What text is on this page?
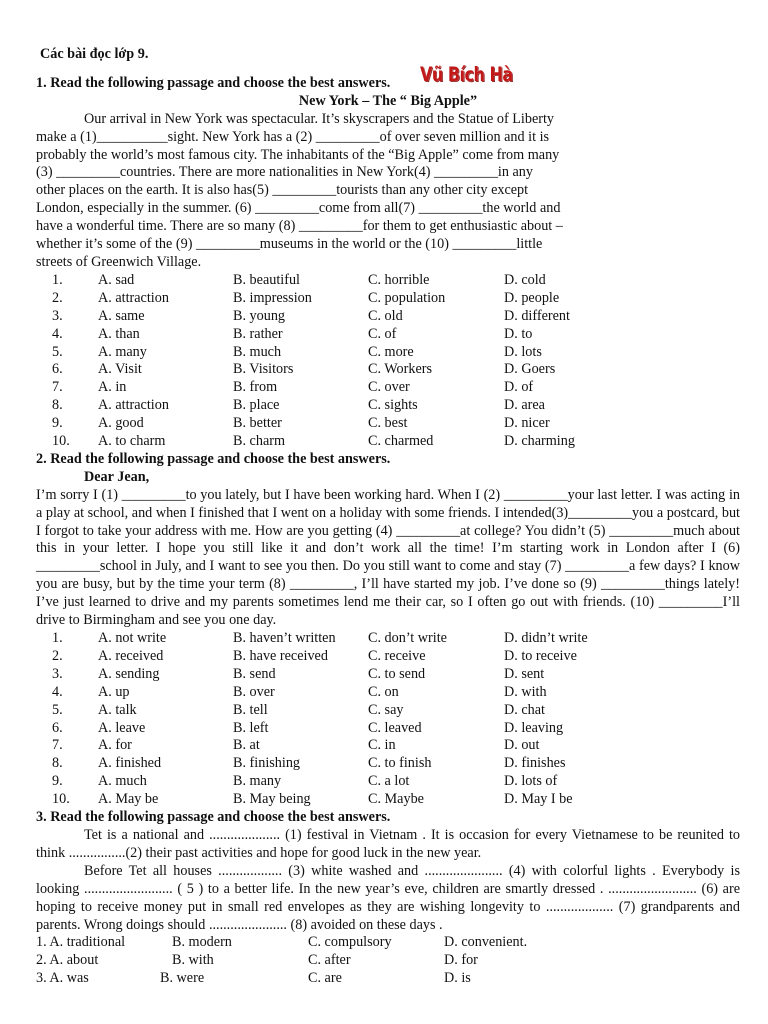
Vũ Bích Hà
Các bài đọc lớp 9.
1. Read the following passage and choose the best answers.
New York – The “ Big Apple”

Our arrival in New York was spectacular. It’s skyscrapers and the Statue of Liberty

make a (1)__________sight. New York has a (2) _________of over seven million and it is

probably the world’s most famous city. The inhabitants of the “Big Apple” come from many

(3) _________countries. There are more nationalities in New York(4) _________in any

other places on the earth. It is also has(5) _________tourists than any other city except

London, especially in the summer. (6) _________come from all(7) _________the world and

have a wonderful time. There are so many (8) _________for them to get enthusiastic about –

whether it’s some of the (9) _________museums in the world or the (10) _________little

streets of Greenwich Village.

1.	A. sad	B. beautiful	C. horrible	D. cold
2.	A. attraction	B. impression	C. population	D. people
3.	A. same	B. young	C. old	D. different
4.	A. than	B. rather	C. of	D. to
5.	A. many	B. much	C. more	D. lots
6.	A. Visit	B. Visitors	C. Workers	D. Goers
7.	A. in	B. from	C. over	D. of
8.	A. attraction	B. place	C. sights	D. area
9.	A. good	B. better	C. best	D. nicer
10.	A. to charm	B. charm	C. charmed	D. charming
2. Read the following passage and choose the best answers.
Dear Jean,

I’m sorry I (1) _________to you lately, but I have been working hard. When I (2) _________your last letter. I was acting in a play at school, and when I finished that I went on a holiday with some friends. I intended(3)_________you a postcard, but I forgot to take your address with me. How are you getting (4) _________at college? You didn’t (5) _________much about this in your letter. I hope you still like it and don’t work all the time! I’m starting work in London after I (6) _________school in July, and I want to see you then. Do you still want to come and stay (7) _________a few days? I know you are busy, but by the time your term (8) _________, I’ll have started my job. I’ve done so (9) _________things lately! I’ve just learned to drive and my parents sometimes lend me their car, so I often go out with friends. (10) _________I’ll drive to Birmingham and see you one day.

1.	A. not write	B. haven’t written	C. don’t write	D. didn’t write
2.	A. received	B. have received	C. receive	D. to receive
3.	A. sending	B. send	C. to send	D. sent
4.	A. up	B. over	C. on	D. with
5.	A. talk	B. tell	C. say	D. chat
6.	A. leave	B. left	C. leaved	D. leaving
7.	A. for	B. at	C. in	D. out
8.	A. finished	B. finishing	C. to finish	D. finishes
9.	A. much	B. many	C. a lot	D. lots of
10.	A. May be	B. May being	C. Maybe	D. May I be
3. Read the following passage and choose the best answers.

Tet is a national and .................... (1) festival in Vietnam . It is occasion for every Vietnamese to be reunited to think ................(2) their past activities and hope for good luck in the new year.

Before Tet all houses .................. (3) white washed and ...................... (4) with colorful lights . Everybody is looking ......................... ( 5 ) to a better life. In the new year’s eve, children are smartly dressed . ......................... (6) are hoping to receive money put in small red envelopes as they are wishing longevity to ................... (7) grandparents and parents. Wrong doings should ...................... (8) avoided on these days .

1. A. traditional	B. modern	C. compulsory	D. convenient.
2. A. about	B. with	C. after	D. for
3. A. was	B. were	C. are	D. is
